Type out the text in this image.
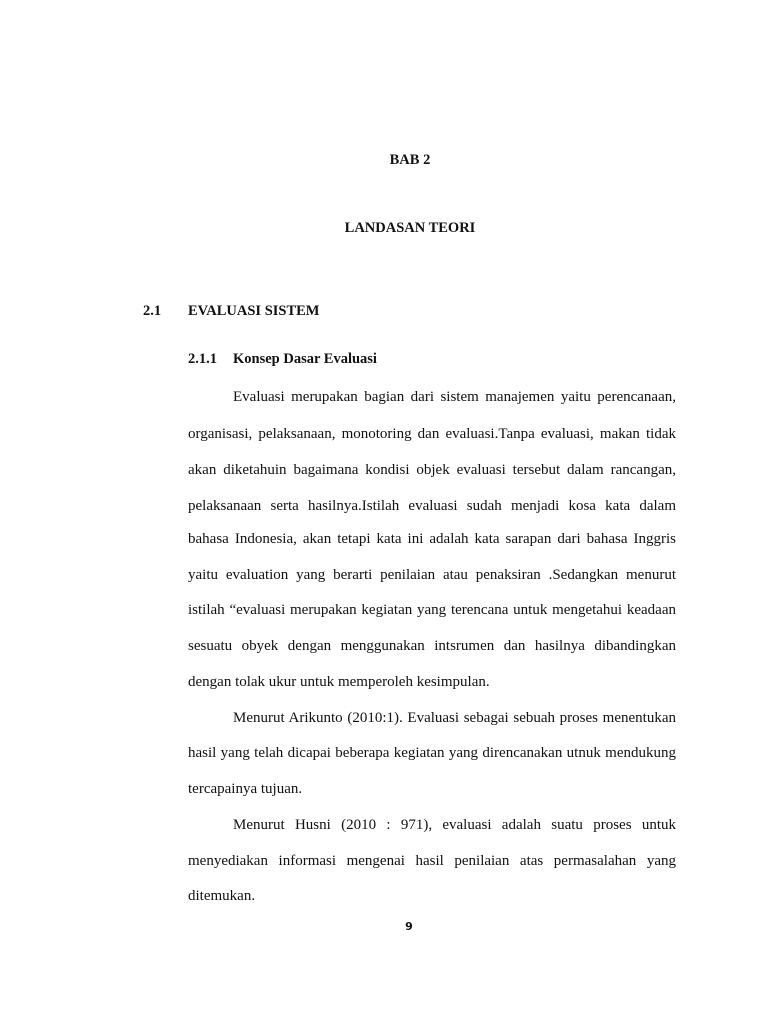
BAB 2
LANDASAN TEORI
2.1 EVALUASI SISTEM
2.1.1 Konsep Dasar Evaluasi
Evaluasi merupakan bagian dari sistem manajemen yaitu perencanaan,
organisasi, pelaksanaan, monotoring dan evaluasi.Tanpa evaluasi, makan tidak
akan diketahuin bagaimana kondisi objek evaluasi tersebut dalam rancangan,
pelaksanaan serta hasilnya.Istilah evaluasi sudah menjadi kosa kata dalam
bahasa Indonesia, akan tetapi kata ini adalah kata sarapan dari bahasa Inggris
yaitu evaluation yang berarti penilaian atau penaksiran .Sedangkan menurut
istilah “evaluasi merupakan kegiatan yang terencana untuk mengetahui keadaan
sesuatu obyek dengan menggunakan intsrumen dan hasilnya dibandingkan
dengan tolak ukur untuk memperoleh kesimpulan.
Menurut Arikunto (2010:1). Evaluasi sebagai sebuah proses menentukan
hasil yang telah dicapai beberapa kegiatan yang direncanakan utnuk mendukung
tercapainya tujuan.
Menurut Husni (2010 : 971), evaluasi adalah suatu proses untuk
menyediakan informasi mengenai hasil penilaian atas permasalahan yang
ditemukan.
9
